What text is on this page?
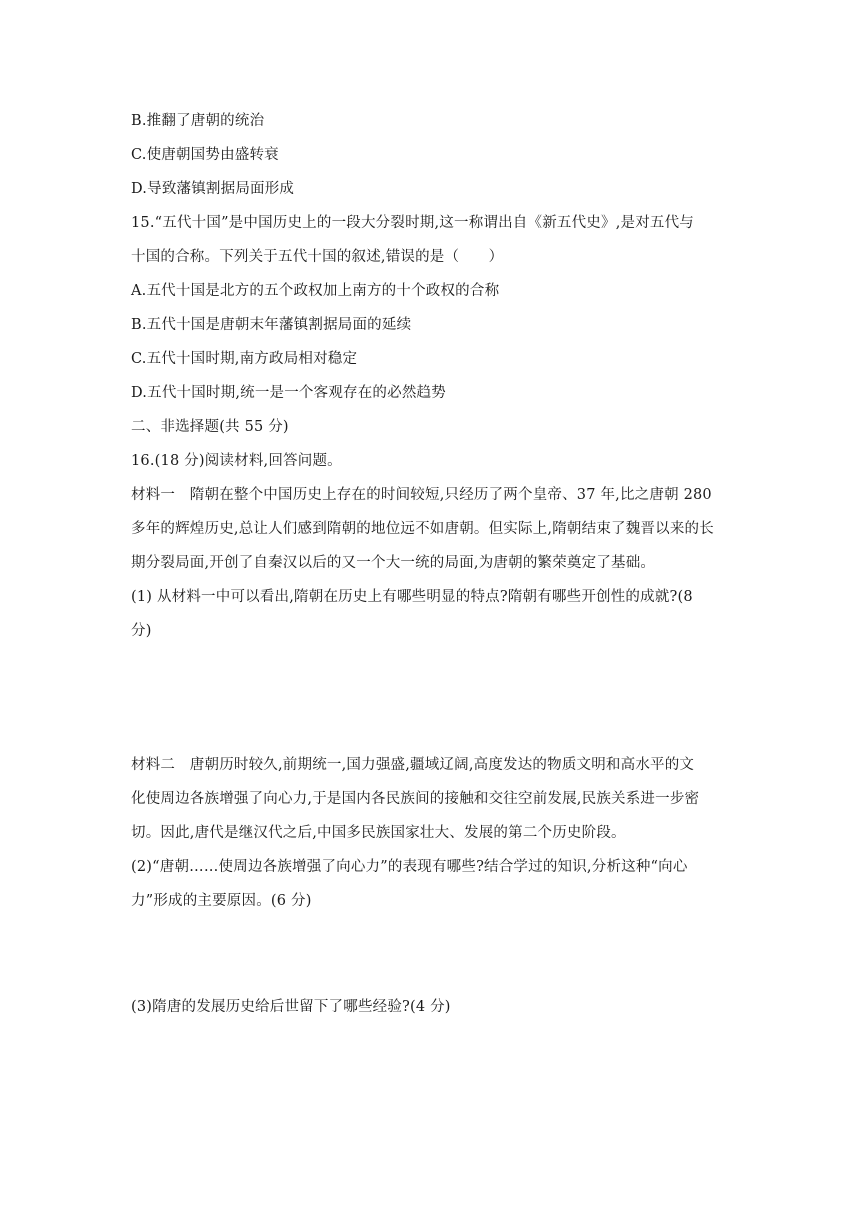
B.推翻了唐朝的统治
C.使唐朝国势由盛转衰
D.导致藩镇割据局面形成
15.“五代十国”是中国历史上的一段大分裂时期,这一称谓出自《新五代史》,是对五代与
十国的合称。下列关于五代十国的叙述,错误的是（　　）
A.五代十国是北方的五个政权加上南方的十个政权的合称
B.五代十国是唐朝末年藩镇割据局面的延续
C.五代十国时期,南方政局相对稳定
D.五代十国时期,统一是一个客观存在的必然趋势
二、非选择题(共 55 分)
16.(18 分)阅读材料,回答问题。
材料一　隋朝在整个中国历史上存在的时间较短,只经历了两个皇帝、37 年,比之唐朝 280
多年的辉煌历史,总让人们感到隋朝的地位远不如唐朝。但实际上,隋朝结束了魏晋以来的长
期分裂局面,开创了自秦汉以后的又一个大一统的局面,为唐朝的繁荣奠定了基础。
(1) 从材料一中可以看出,隋朝在历史上有哪些明显的特点?隋朝有哪些开创性的成就?(8
分)
材料二　唐朝历时较久,前期统一,国力强盛,疆域辽阔,高度发达的物质文明和高水平的文
化使周边各族增强了向心力,于是国内各民族间的接触和交往空前发展,民族关系进一步密
切。因此,唐代是继汉代之后,中国多民族国家壮大、发展的第二个历史阶段。
(2)“唐朝……使周边各族增强了向心力”的表现有哪些?结合学过的知识,分析这种“向心
力”形成的主要原因。(6 分)
(3)隋唐的发展历史给后世留下了哪些经验?(4 分)
